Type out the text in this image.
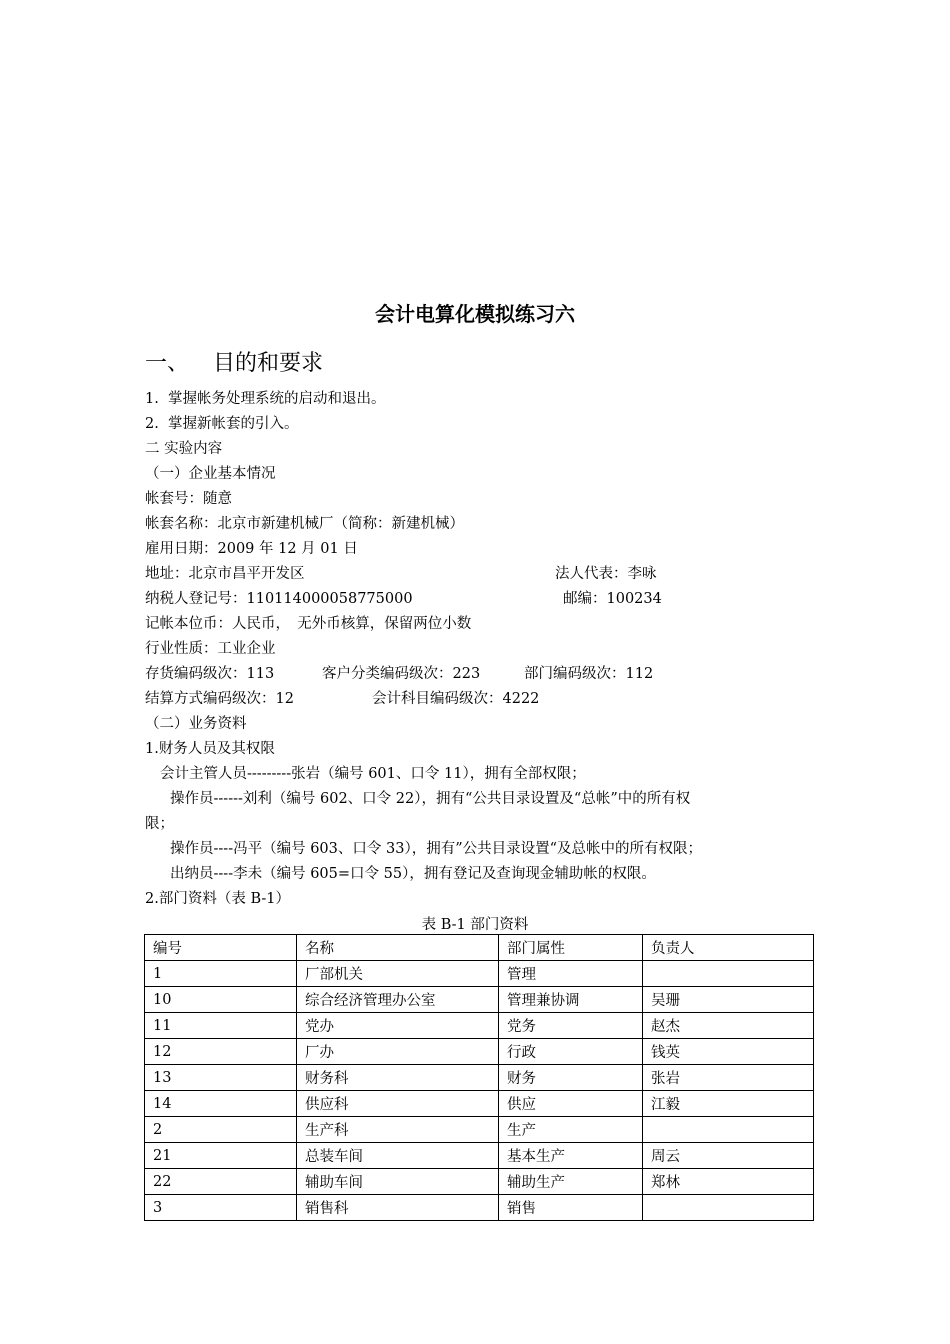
会计电算化模拟练习六
一、 目的和要求
1.  掌握帐务处理系统的启动和退出。
2.  掌握新帐套的引入。
二 实验内容
（一）企业基本情况
帐套号：随意
帐套名称：北京市新建机械厂（简称：新建机械）
雇用日期：2009 年 12 月 01 日
地址：北京市昌平开发区	法人代表：李咏
纳税人登记号：110114000058775000	邮编：100234
记帐本位币：人民币，　无外币核算，保留两位小数
行业性质：工业企业
存货编码级次：113	客户分类编码级次：223	部门编码级次：112
结算方式编码级次：12	会计科目编码级次：4222
（二）业务资料
1.财务人员及其权限
会计主管人员---------张岩（编号 601、口令 11），拥有全部权限；
操作员------刘利（编号 602、口令 22），拥有“公共目录设置及“总帐”中的所有权
限；
操作员----冯平（编号 603、口令 33），拥有”公共目录设置“及总帐中的所有权限；
出纳员----李未（编号 605=口令 55），拥有登记及查询现金辅助帐的权限。
2.部门资料（表 B-1）
表 B-1 部门资料
编号	名称	部门属性	负责人
1	厂部机关	管理	
10	综合经济管理办公室	管理兼协调	吴珊
11	党办	党务	赵杰
12	厂办	行政	钱英
13	财务科	财务	张岩
14	供应科	供应	江毅
2	生产科	生产	
21	总装车间	基本生产	周云
22	辅助车间	辅助生产	郑林
3	销售科	销售	
